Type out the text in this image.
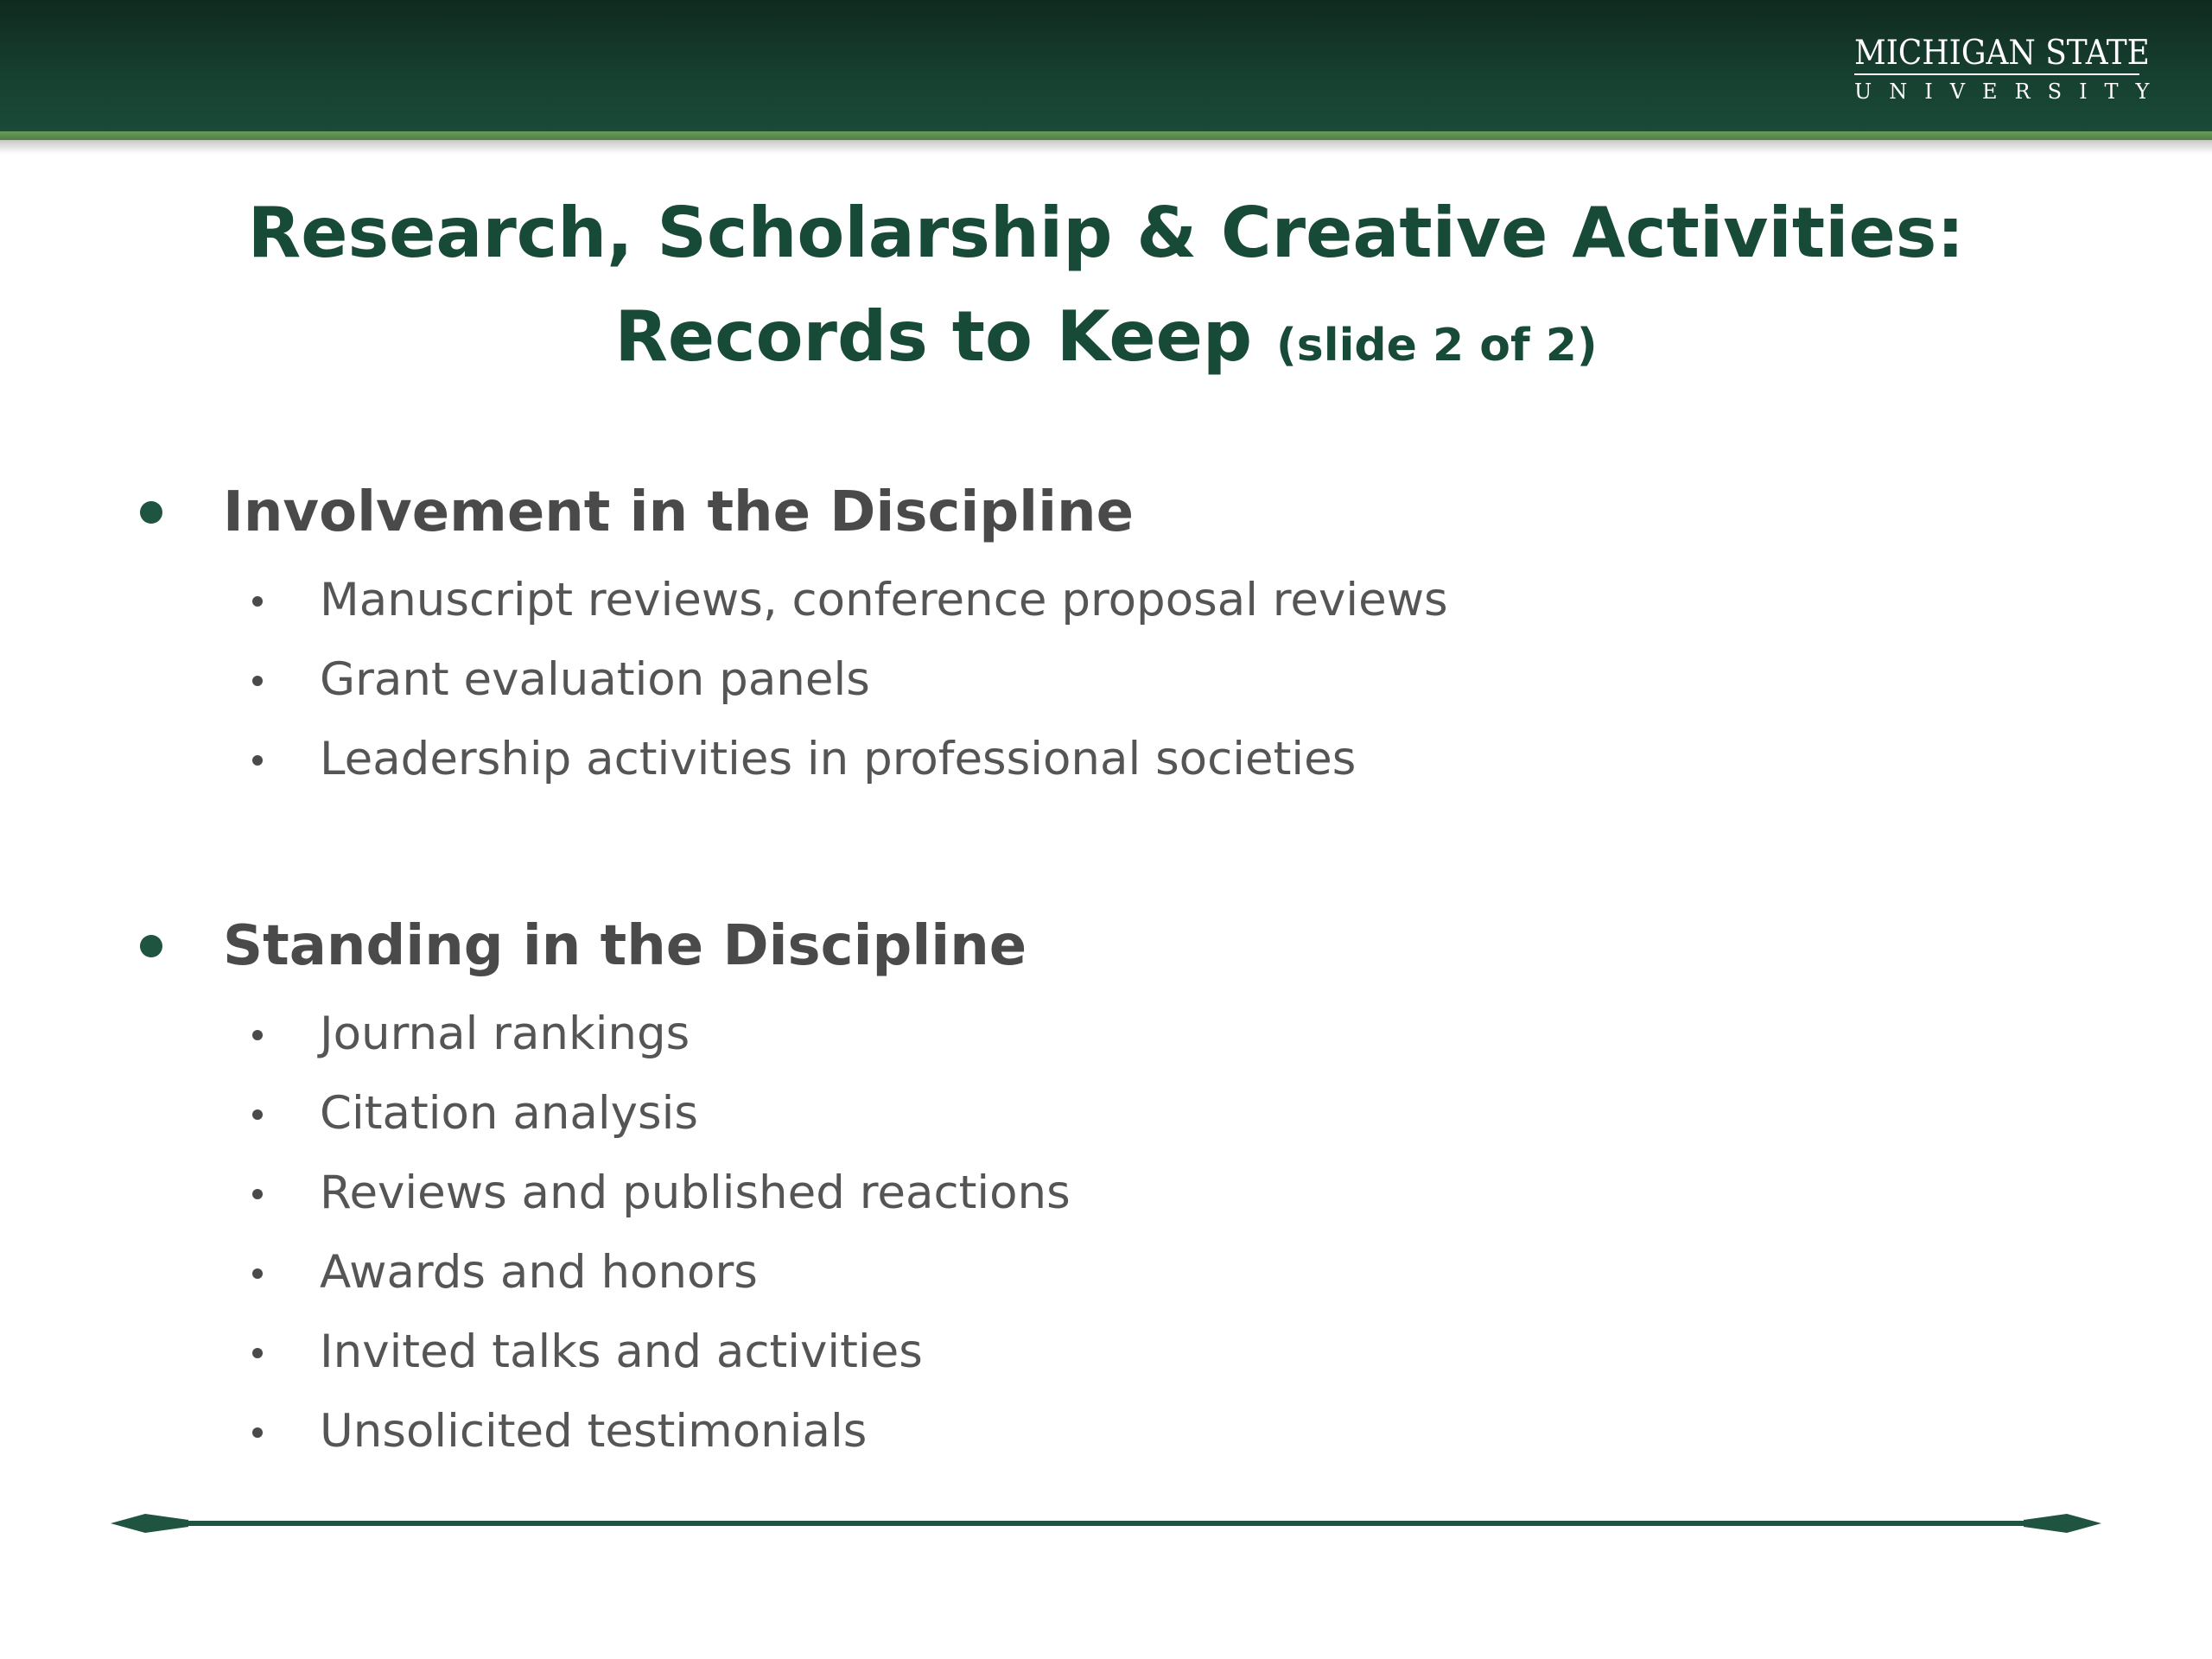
MICHIGAN STATE
UNIVERSITY
Research, Scholarship & Creative Activities:
Records to Keep (slide 2 of 2)
Involvement in the Discipline
Manuscript reviews, conference proposal reviews
Grant evaluation panels
Leadership activities in professional societies
Standing in the Discipline
Journal rankings
Citation analysis
Reviews and published reactions
Awards and honors
Invited talks and activities
Unsolicited testimonials
